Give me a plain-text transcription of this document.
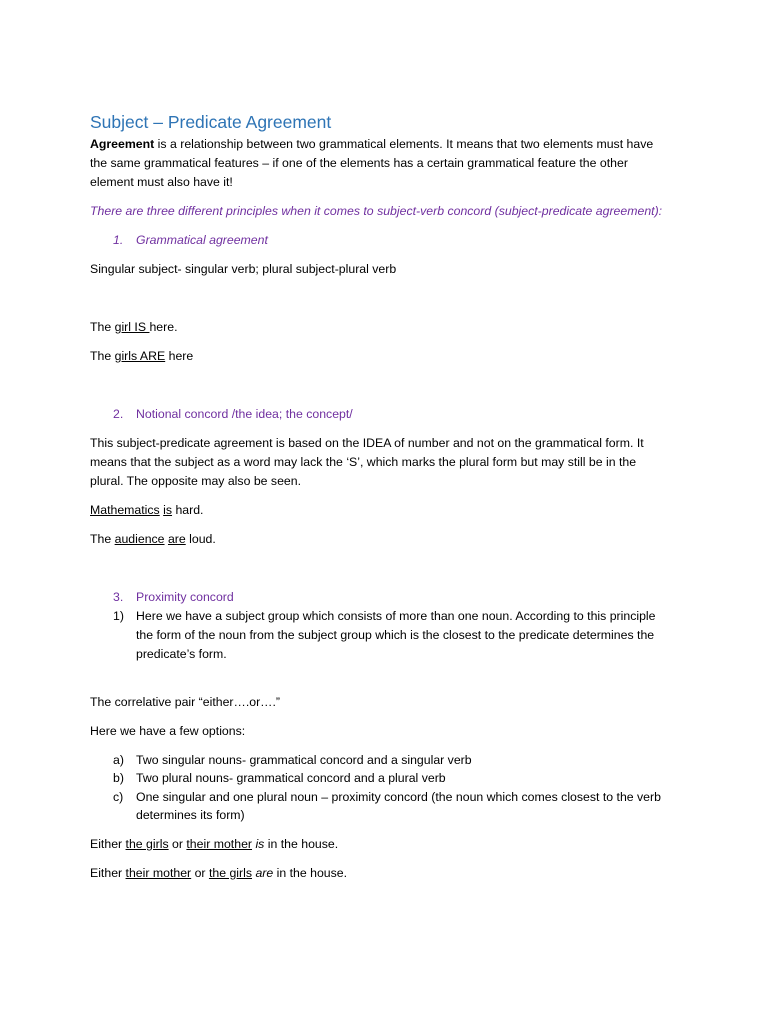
Subject – Predicate Agreement
Agreement is a relationship between two grammatical elements. It means that two elements must have
the same grammatical features – if one of the elements has a certain grammatical feature the other
element must also have it!
There are three different principles when it comes to subject-verb concord (subject-predicate agreement):
1. Grammatical agreement
Singular subject- singular verb; plural subject-plural verb
The girl IS here.
The girls ARE here
2. Notional concord /the idea; the concept/
This subject-predicate agreement is based on the IDEA of number and not on the grammatical form. It
means that the subject as a word may lack the ‘S’, which marks the plural form but may still be in the
plural. The opposite may also be seen.
Mathematics is hard.
The audience are loud.
3. Proximity concord
1) Here we have a subject group which consists of more than one noun. According to this principle
the form of the noun from the subject group which is the closest to the predicate determines the
predicate’s form.
The correlative pair “either….or….”
Here we have a few options:
a) Two singular nouns- grammatical concord and a singular verb
b) Two plural nouns- grammatical concord and a plural verb
c) One singular and one plural noun – proximity concord (the noun which comes closest to the verb
determines its form)
Either the girls or their mother is in the house.
Either their mother or the girls are in the house.
